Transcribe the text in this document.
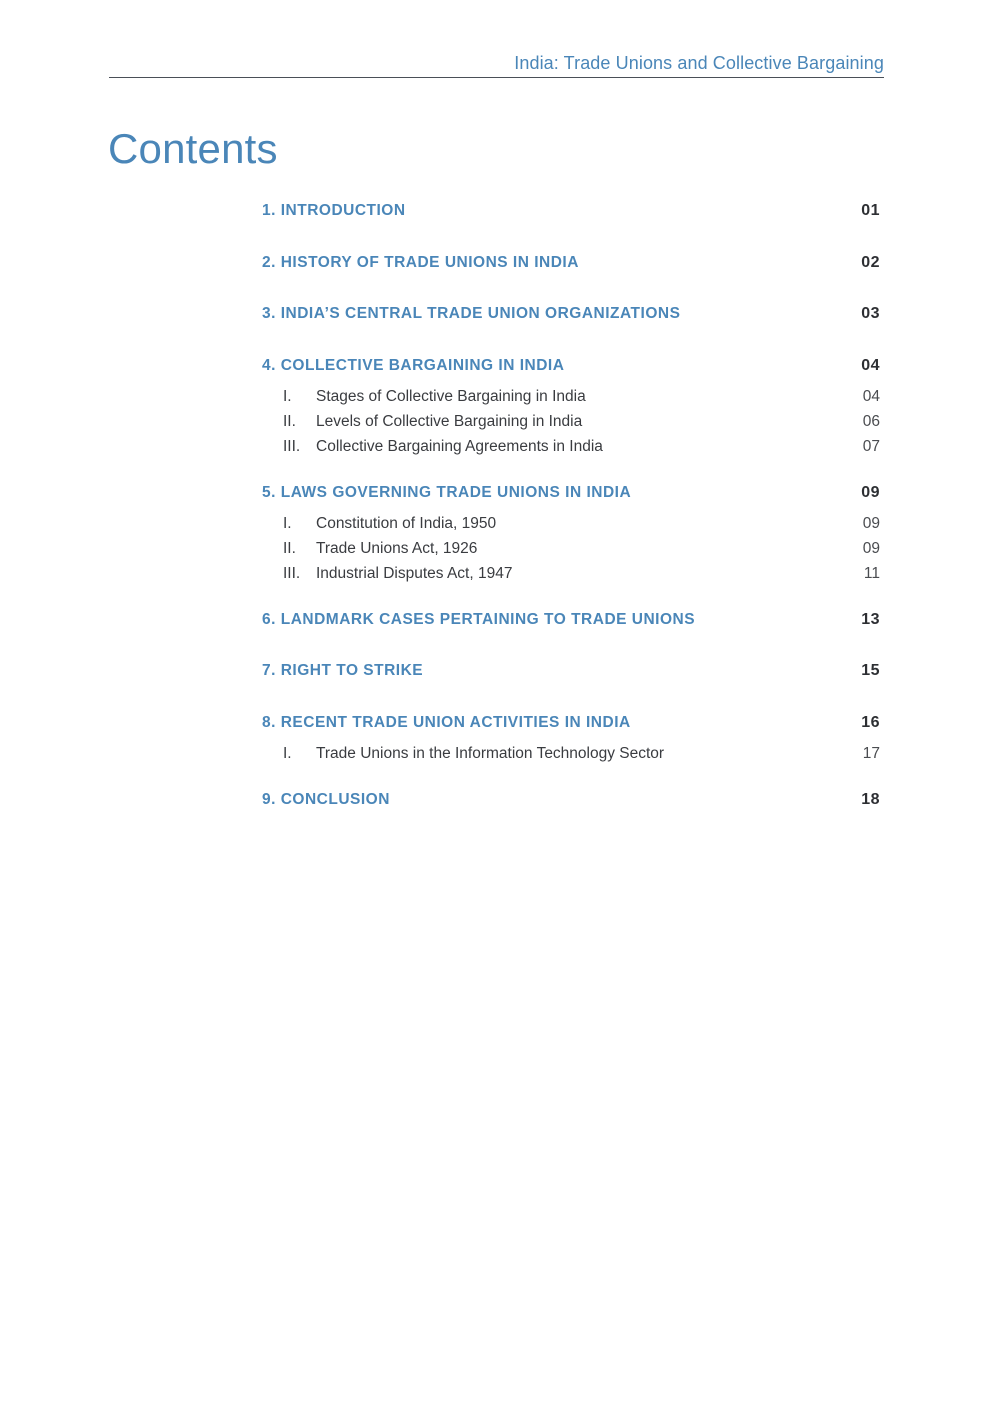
India: Trade Unions and Collective Bargaining
Contents
1. INTRODUCTION	01
2. HISTORY OF TRADE UNIONS IN INDIA	02
3. INDIA’S CENTRAL TRADE UNION ORGANIZATIONS	03
4. COLLECTIVE BARGAINING IN INDIA	04
I.	Stages of Collective Bargaining in India	04
II.	Levels of Collective Bargaining in India	06
III.	Collective Bargaining Agreements in India	07
5. LAWS GOVERNING TRADE UNIONS IN INDIA	09
I.	Constitution of India, 1950	09
II.	Trade Unions Act, 1926	09
III.	Industrial Disputes Act, 1947	11
6. LANDMARK CASES PERTAINING TO TRADE UNIONS	13
7. RIGHT TO STRIKE	15
8. RECENT TRADE UNION ACTIVITIES IN INDIA	16
I.	Trade Unions in the Information Technology Sector	17
9. CONCLUSION	18
